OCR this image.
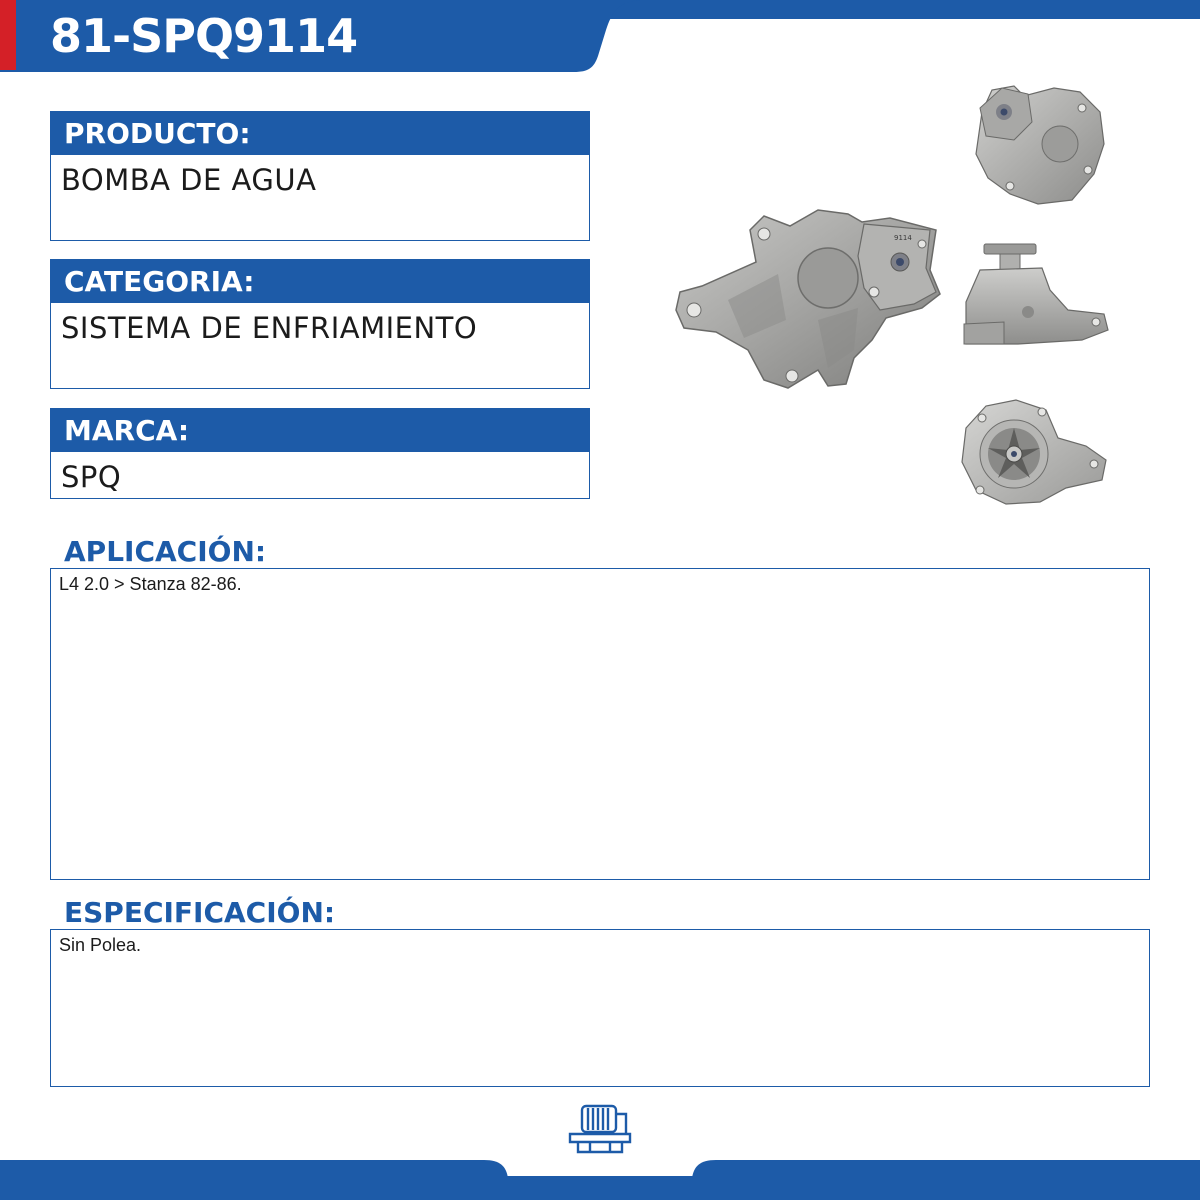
81-SPQ9114
PRODUCTO:
BOMBA DE AGUA
CATEGORIA:
SISTEMA DE ENFRIAMIENTO
MARCA:
SPQ
9114
APLICACIÓN:
L4 2.0 > Stanza 82-86.
ESPECIFICACIÓN:
Sin Polea.
ENFRIAMIENTO
